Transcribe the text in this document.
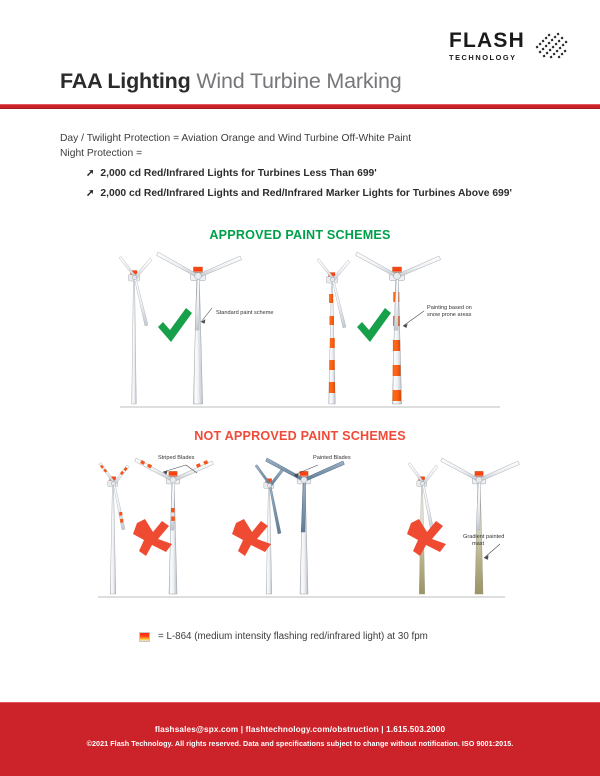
FLASH
TECHNOLOGY
FAA Lighting Wind Turbine Marking
Day / Twilight Protection = Aviation Orange and Wind Turbine Off-White Paint
Night Protection =
➚ 2,000 cd Red/Infrared Lights for Turbines Less Than 699'
➚ 2,000 cd Red/Infrared Lights and Red/Infrared Marker Lights for Turbines Above 699'
APPROVED PAINT SCHEMES
Standard paint scheme
Painting based on
snow prone areas
NOT APPROVED PAINT SCHEMES
Striped Blades	Painted Blades
Gradient painted
mast
= L-864 (medium intensity flashing red/infrared light) at 30 fpm
flashsales@spx.com | flashtechnology.com/obstruction | 1.615.503.2000
©2021 Flash Technology. All rights reserved. Data and specifications subject to change without notification. ISO 9001:2015.
